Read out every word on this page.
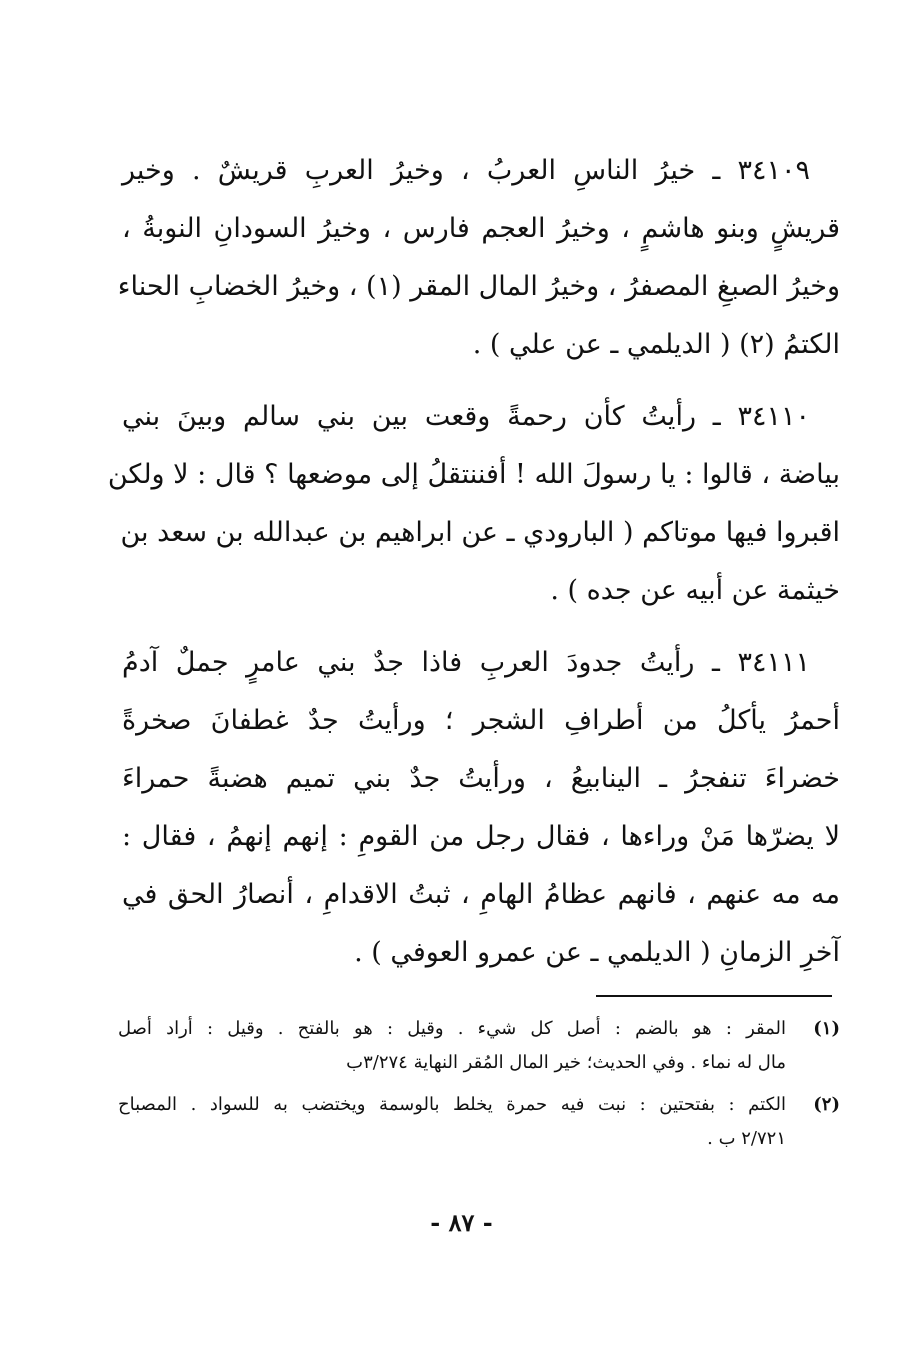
٣٤١٠٩ ـ خيرُ الناسِ العربُ ، وخيرُ العربِ قريشٌ . وخير
قريشٍ وبنو هاشمٍ ، وخيرُ العجم فارس ، وخيرُ السودانِ النوبةُ ،
وخيرُ الصبغِ المصفرُ ، وخيرُ المال المقر (١) ، وخيرُ الخضابِ الحناء
الكتمُ (٢) ( الديلمي ـ عن علي ) .

٣٤١١٠ ـ رأيتُ كأن رحمةً وقعت بين بني سالم وبينَ بني
بياضة ، قالوا : يا رسولَ الله ! أفننتقلُ إلى موضعها ؟ قال : لا ولكن
اقبروا فيها موتاكم ( البارودي ـ عن ابراهيم بن عبدالله بن سعد بن
خيثمة عن أبيه عن جده ) .

٣٤١١١ ـ رأيتُ جدودَ العربِ فاذا جدٌ بني عامرٍ جملٌ آدمُ
أحمرُ يأكلُ من أطرافِ الشجر ؛ ورأيتُ جدٌ غطفانَ صخرةً
خضراءَ تنفجرُ ـ الينابيعُ ، ورأيتُ جدٌ بني تميم هضبةً حمراءَ
لا يضرّها مَنْ وراءها ، فقال رجل من القومِ : إنهم إنهمُ ، فقال :
مه مه عنهم ، فانهم عظامُ الهامِ ، ثبتُ الاقدامِ ، أنصارُ الحق في
آخرِ الزمانِ ( الديلمي ـ عن عمرو العوفي ) .

(١)
المقر : هو بالضم : أصل كل شيء . وقيل : هو بالفتح . وقيل : أراد أصل
مال له نماء . وفي الحديث؛ خير المال المُقر النهاية ٣/٢٧٤ب
(٢)
الكتم : بفتحتين : نبت فيه حمرة يخلط بالوسمة ويختضب به للسواد . المصباح
٢/٧٢١ ب .
- ٨٧ -
